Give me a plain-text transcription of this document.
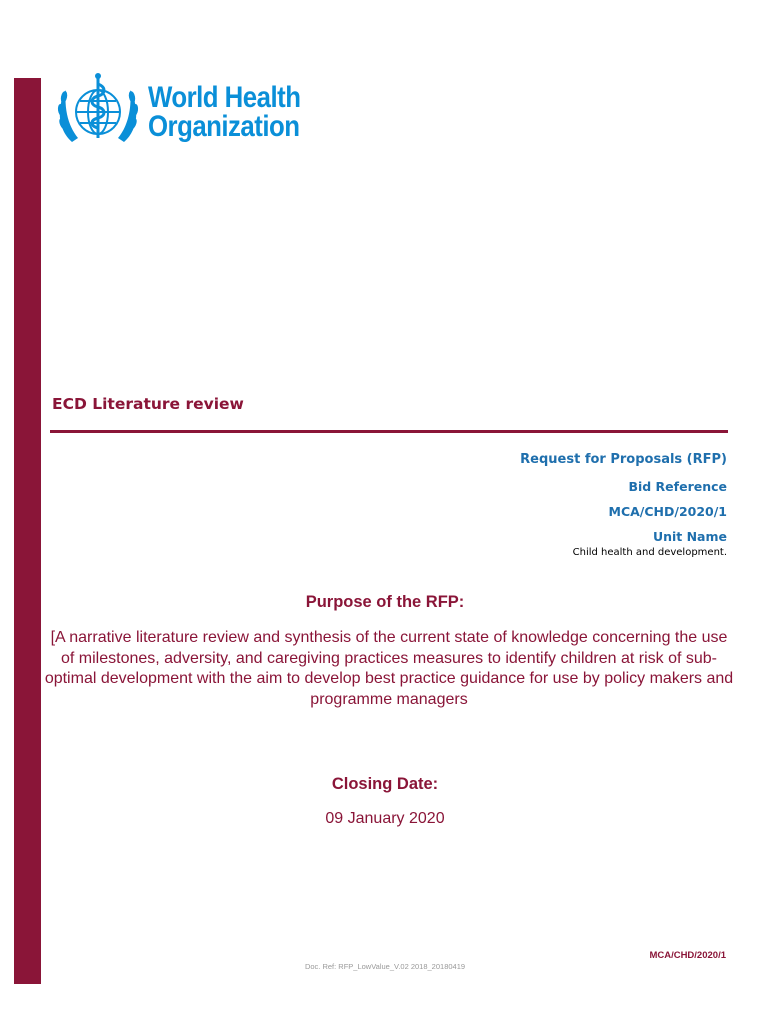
World Health
Organization
ECD Literature review
Request for Proposals (RFP)
Bid Reference
MCA/CHD/2020/1
Unit Name
Child health and development.
Purpose of the RFP:
[A narrative literature review and synthesis of the current state of knowledge concerning the use of milestones, adversity, and caregiving practices measures to identify children at risk of sub-optimal development with the aim to develop best practice guidance for use by policy makers and programme managers
Closing Date:
09 January 2020
MCA/CHD/2020/1
Doc. Ref: RFP_LowValue_V.02 2018_20180419
